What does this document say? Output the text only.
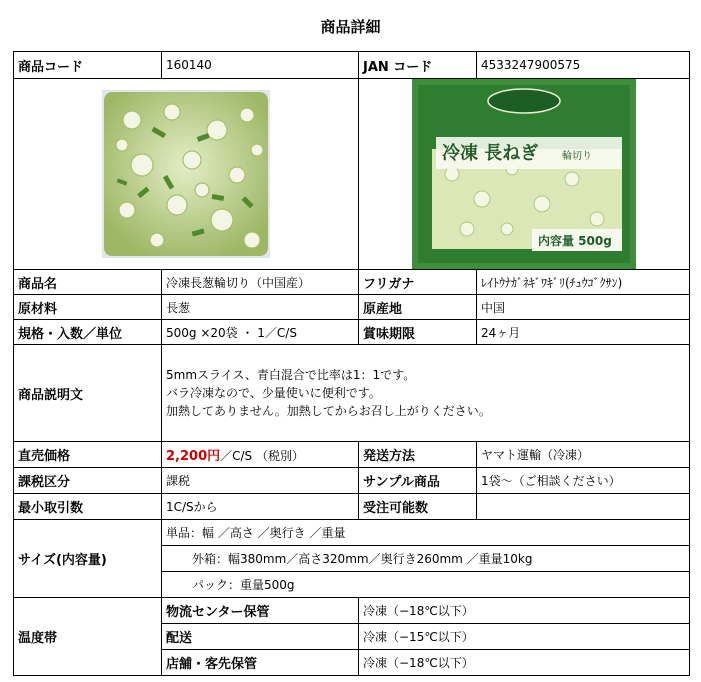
商品詳細
商品コード	160140	JAN コード	4533247900575

冷凍 長ねぎ 輪切り
内容量 500g	

商品名	冷凍長葱輪切り（中国産）	フリガナ	ﾚｲﾄｳﾅｶﾞﾈｷﾞﾜｷﾞﾘ(ﾁｭｳｺﾞｸｻﾝ)
原材料	長葱	原産地	中国
規格・入数／単位	500g ×20袋 ・ 1／C/S	賞味期限	24ヶ月
商品説明文	5mmスライス、青白混合で比率は1：1です。
バラ冷凍なので、少量使いに便利です。
加熱してありません。加熱してからお召し上がりください。		

直売価格	2,200円／C/S （税別）	発送方法	ヤマト運輸（冷凍）
課税区分	課税	サンプル商品	1袋～（ご相談ください）
最小取引数	1C/Sから	受注可能数	
サイズ(内容量)	単品：幅 ／高さ ／奥行き ／重量		
	外箱：幅380mm／高さ320mm／奥行き260mm ／重量10kg		
	パック：重量500g		
温度帯	物流センター保管	冷凍（−18℃以下）	
	配送	冷凍（−15℃以下）	
	店舗・客先保管	冷凍（−18℃以下）	
